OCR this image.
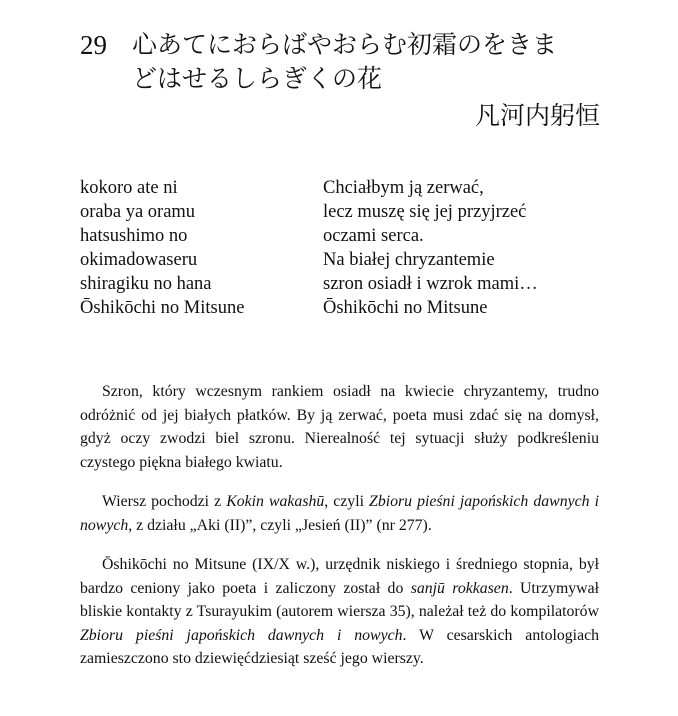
29 心あてにおらばやおらむ初霜のをきま
どはせるしらぎくの花
凡河内躬恒
kokoro ate ni
oraba ya oramu
hatsushimo no
okimadowaseru
shiragiku no hana
Ōshikōchi no Mitsune
Chciałbym ją zerwać,
lecz muszę się jej przyjrzeć
oczami serca.
Na białej chryzantemie
szron osiadł i wzrok mami…
Ōshikōchi no Mitsune
Szron, który wczesnym rankiem osiadł na kwiecie chryzantemy, trudno odróżnić od jej białych płatków. By ją zerwać, poeta musi zdać się na domysł, gdyż oczy zwodzi biel szronu. Nierealność tej sytuacji służy podkreśleniu czystego piękna białego kwiatu.
Wiersz pochodzi z Kokin wakashū, czyli Zbioru pieśni japońskich dawnych i nowych, z działu „Aki (II)”, czyli „Jesień (II)” (nr 277).
Ōshikōchi no Mitsune (IX/X w.), urzędnik niskiego i średniego stopnia, był bardzo ceniony jako poeta i zaliczony został do sanjū rokkasen. Utrzymywał bliskie kontakty z Tsurayukim (autorem wiersza 35), należał też do kompilatorów Zbioru pieśni japońskich dawnych i nowych. W cesarskich antologiach zamieszczono sto dziewięćdziesiąt sześć jego wierszy.
